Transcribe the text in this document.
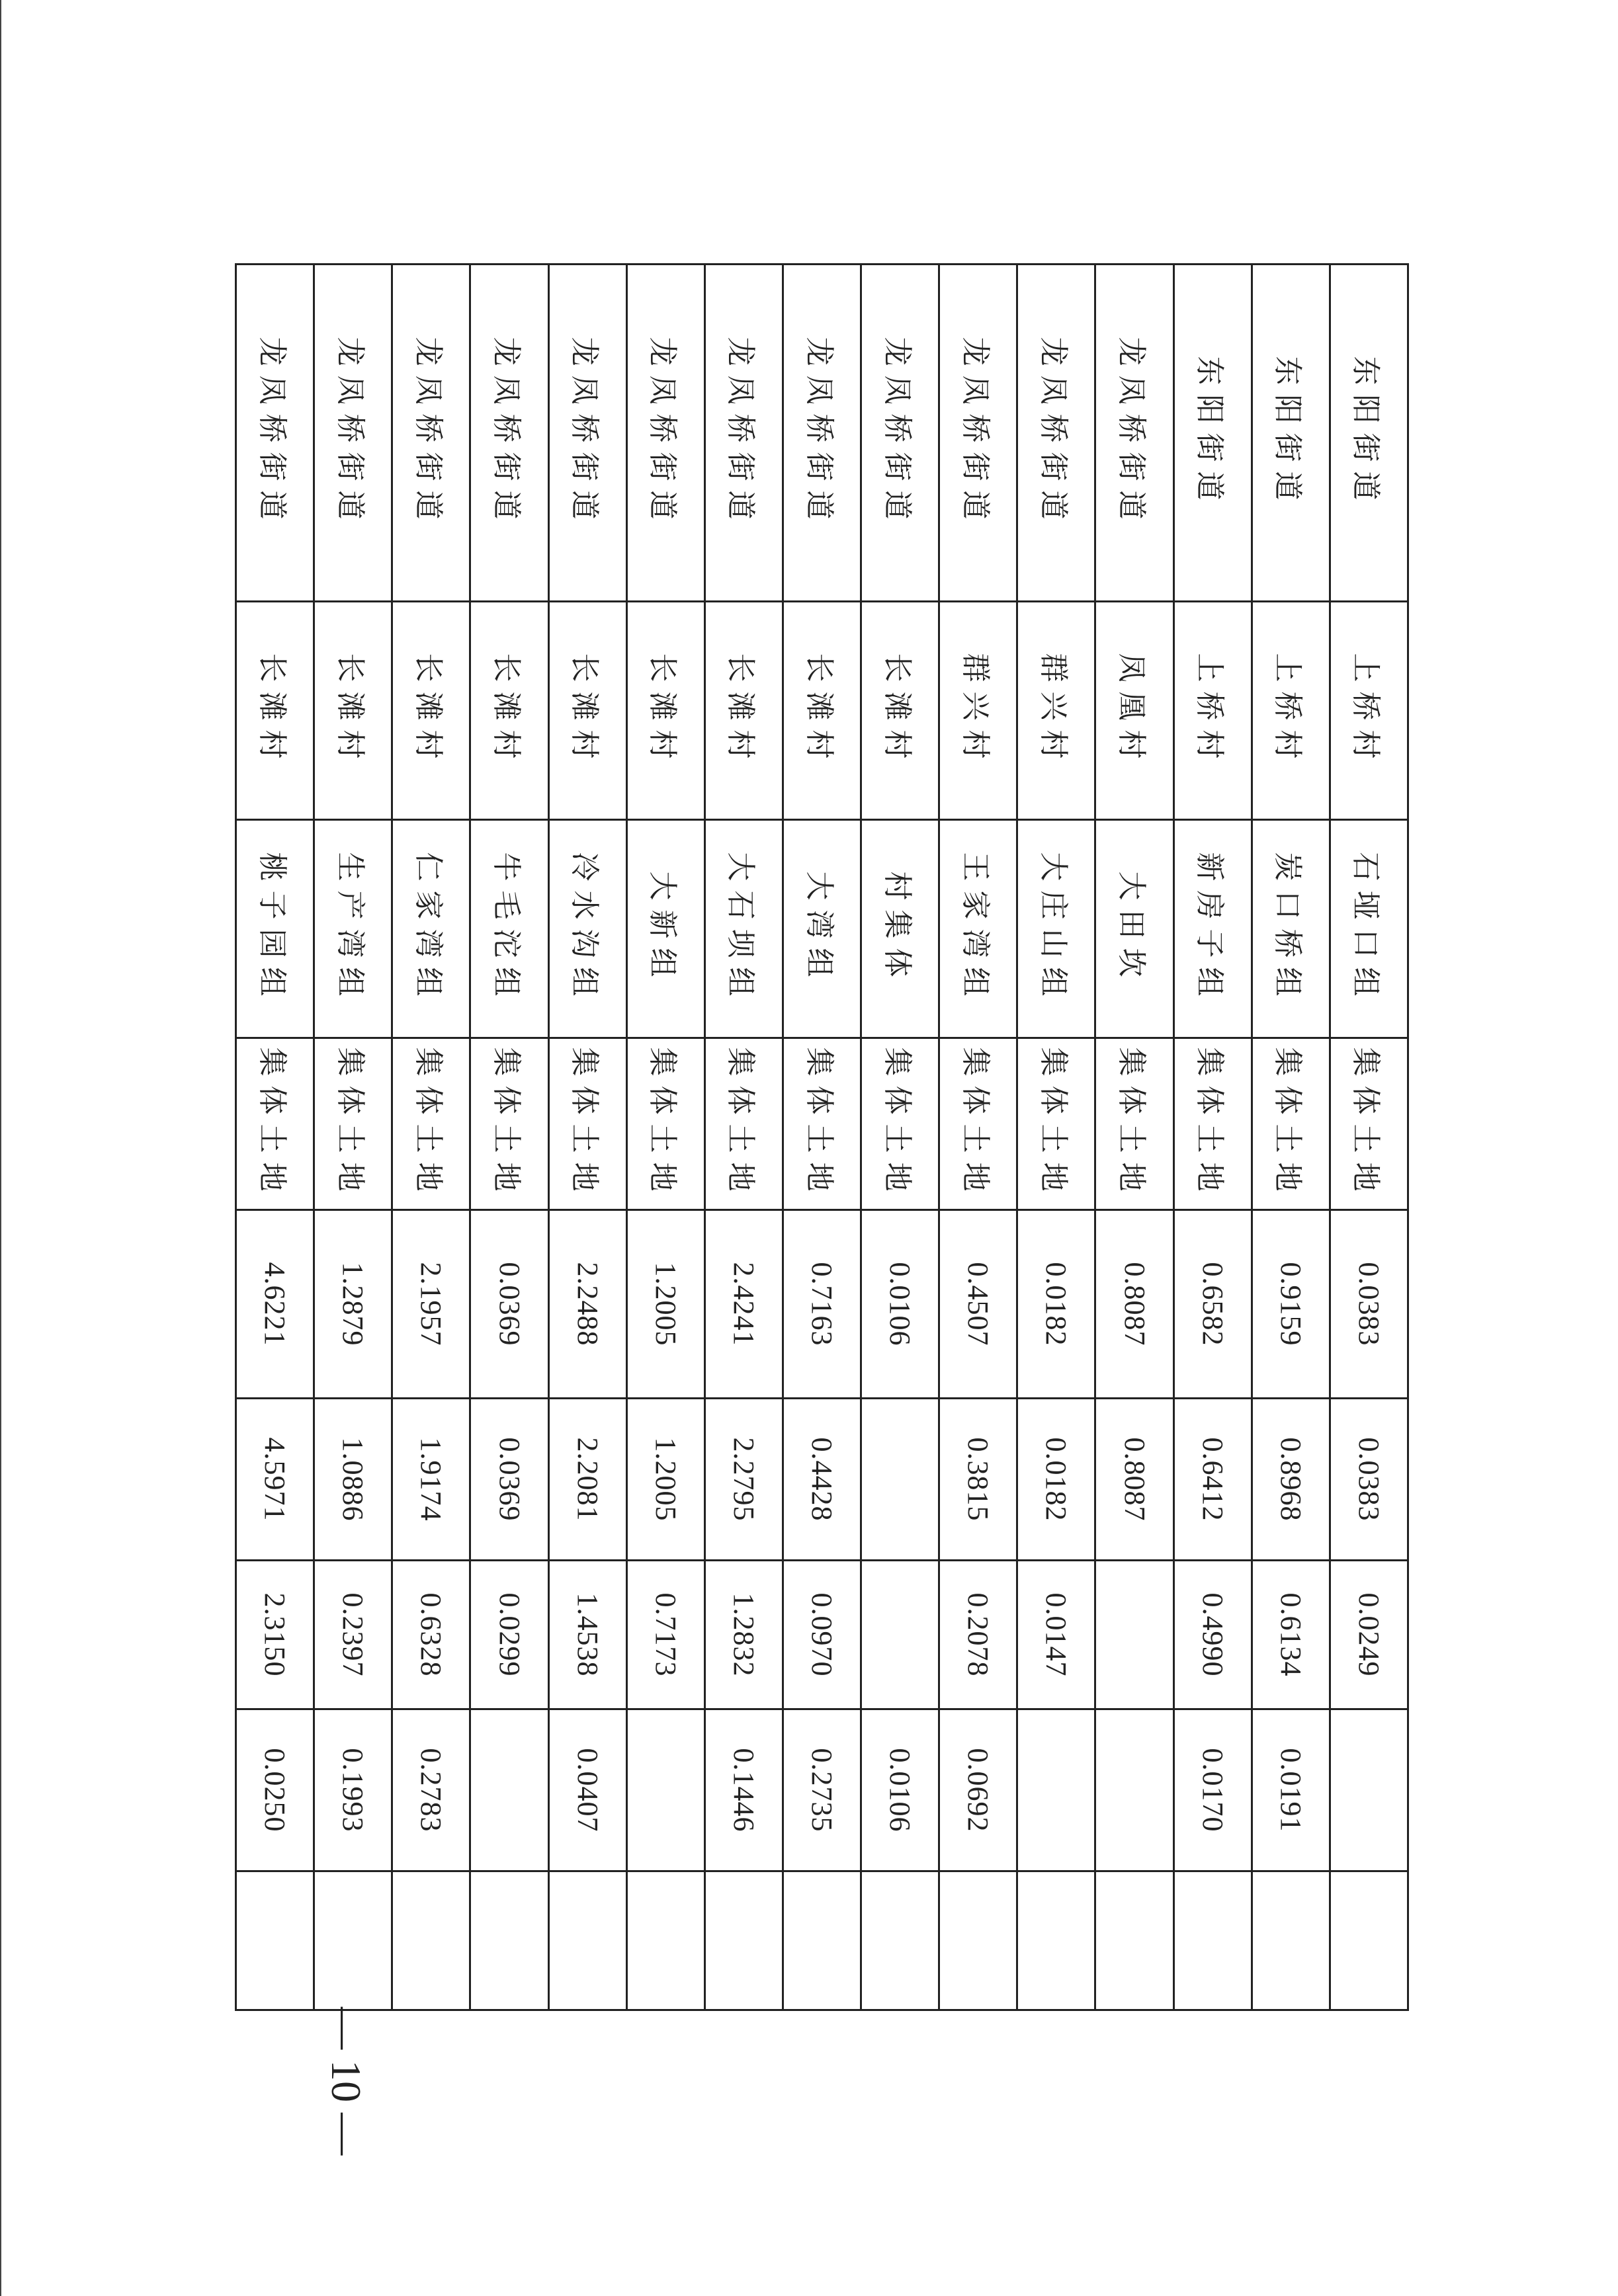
东阳街道	上桥村	石垭口组	集体土地	0.0383	0.0383	0.0249		
东阳街道	上桥村	炭口桥组	集体土地	0.9159	0.8968	0.6134	0.0191	
东阳街道	上桥村	新房子组	集体土地	0.6582	0.6412	0.4990	0.0170	
龙凤桥街道	凤凰村	大田坎	集体土地	0.8087	0.8087			
龙凤桥街道	群兴村	大庄山组	集体土地	0.0182	0.0182	0.0147		
龙凤桥街道	群兴村	王家湾组	集体土地	0.4507	0.3815	0.2078	0.0692	
龙凤桥街道	长滩村	村集体	集体土地	0.0106			0.0106	
龙凤桥街道	长滩村	大湾组	集体土地	0.7163	0.4428	0.0970	0.2735	
龙凤桥街道	长滩村	大石坝组	集体土地	2.4241	2.2795	1.2832	0.1446	
龙凤桥街道	长滩村	大新组	集体土地	1.2005	1.2005	0.7173		
龙凤桥街道	长滩村	冷水沟组	集体土地	2.2488	2.2081	1.4538	0.0407	
龙凤桥街道	长滩村	牛毛沱组	集体土地	0.0369	0.0369	0.0299		
龙凤桥街道	长滩村	仁家湾组	集体土地	2.1957	1.9174	0.6328	0.2783	
龙凤桥街道	长滩村	生产湾组	集体土地	1.2879	1.0886	0.2397	0.1993	
龙凤桥街道	长滩村	桃子园组	集体土地	4.6221	4.5971	2.3150	0.0250	
— 10 —
